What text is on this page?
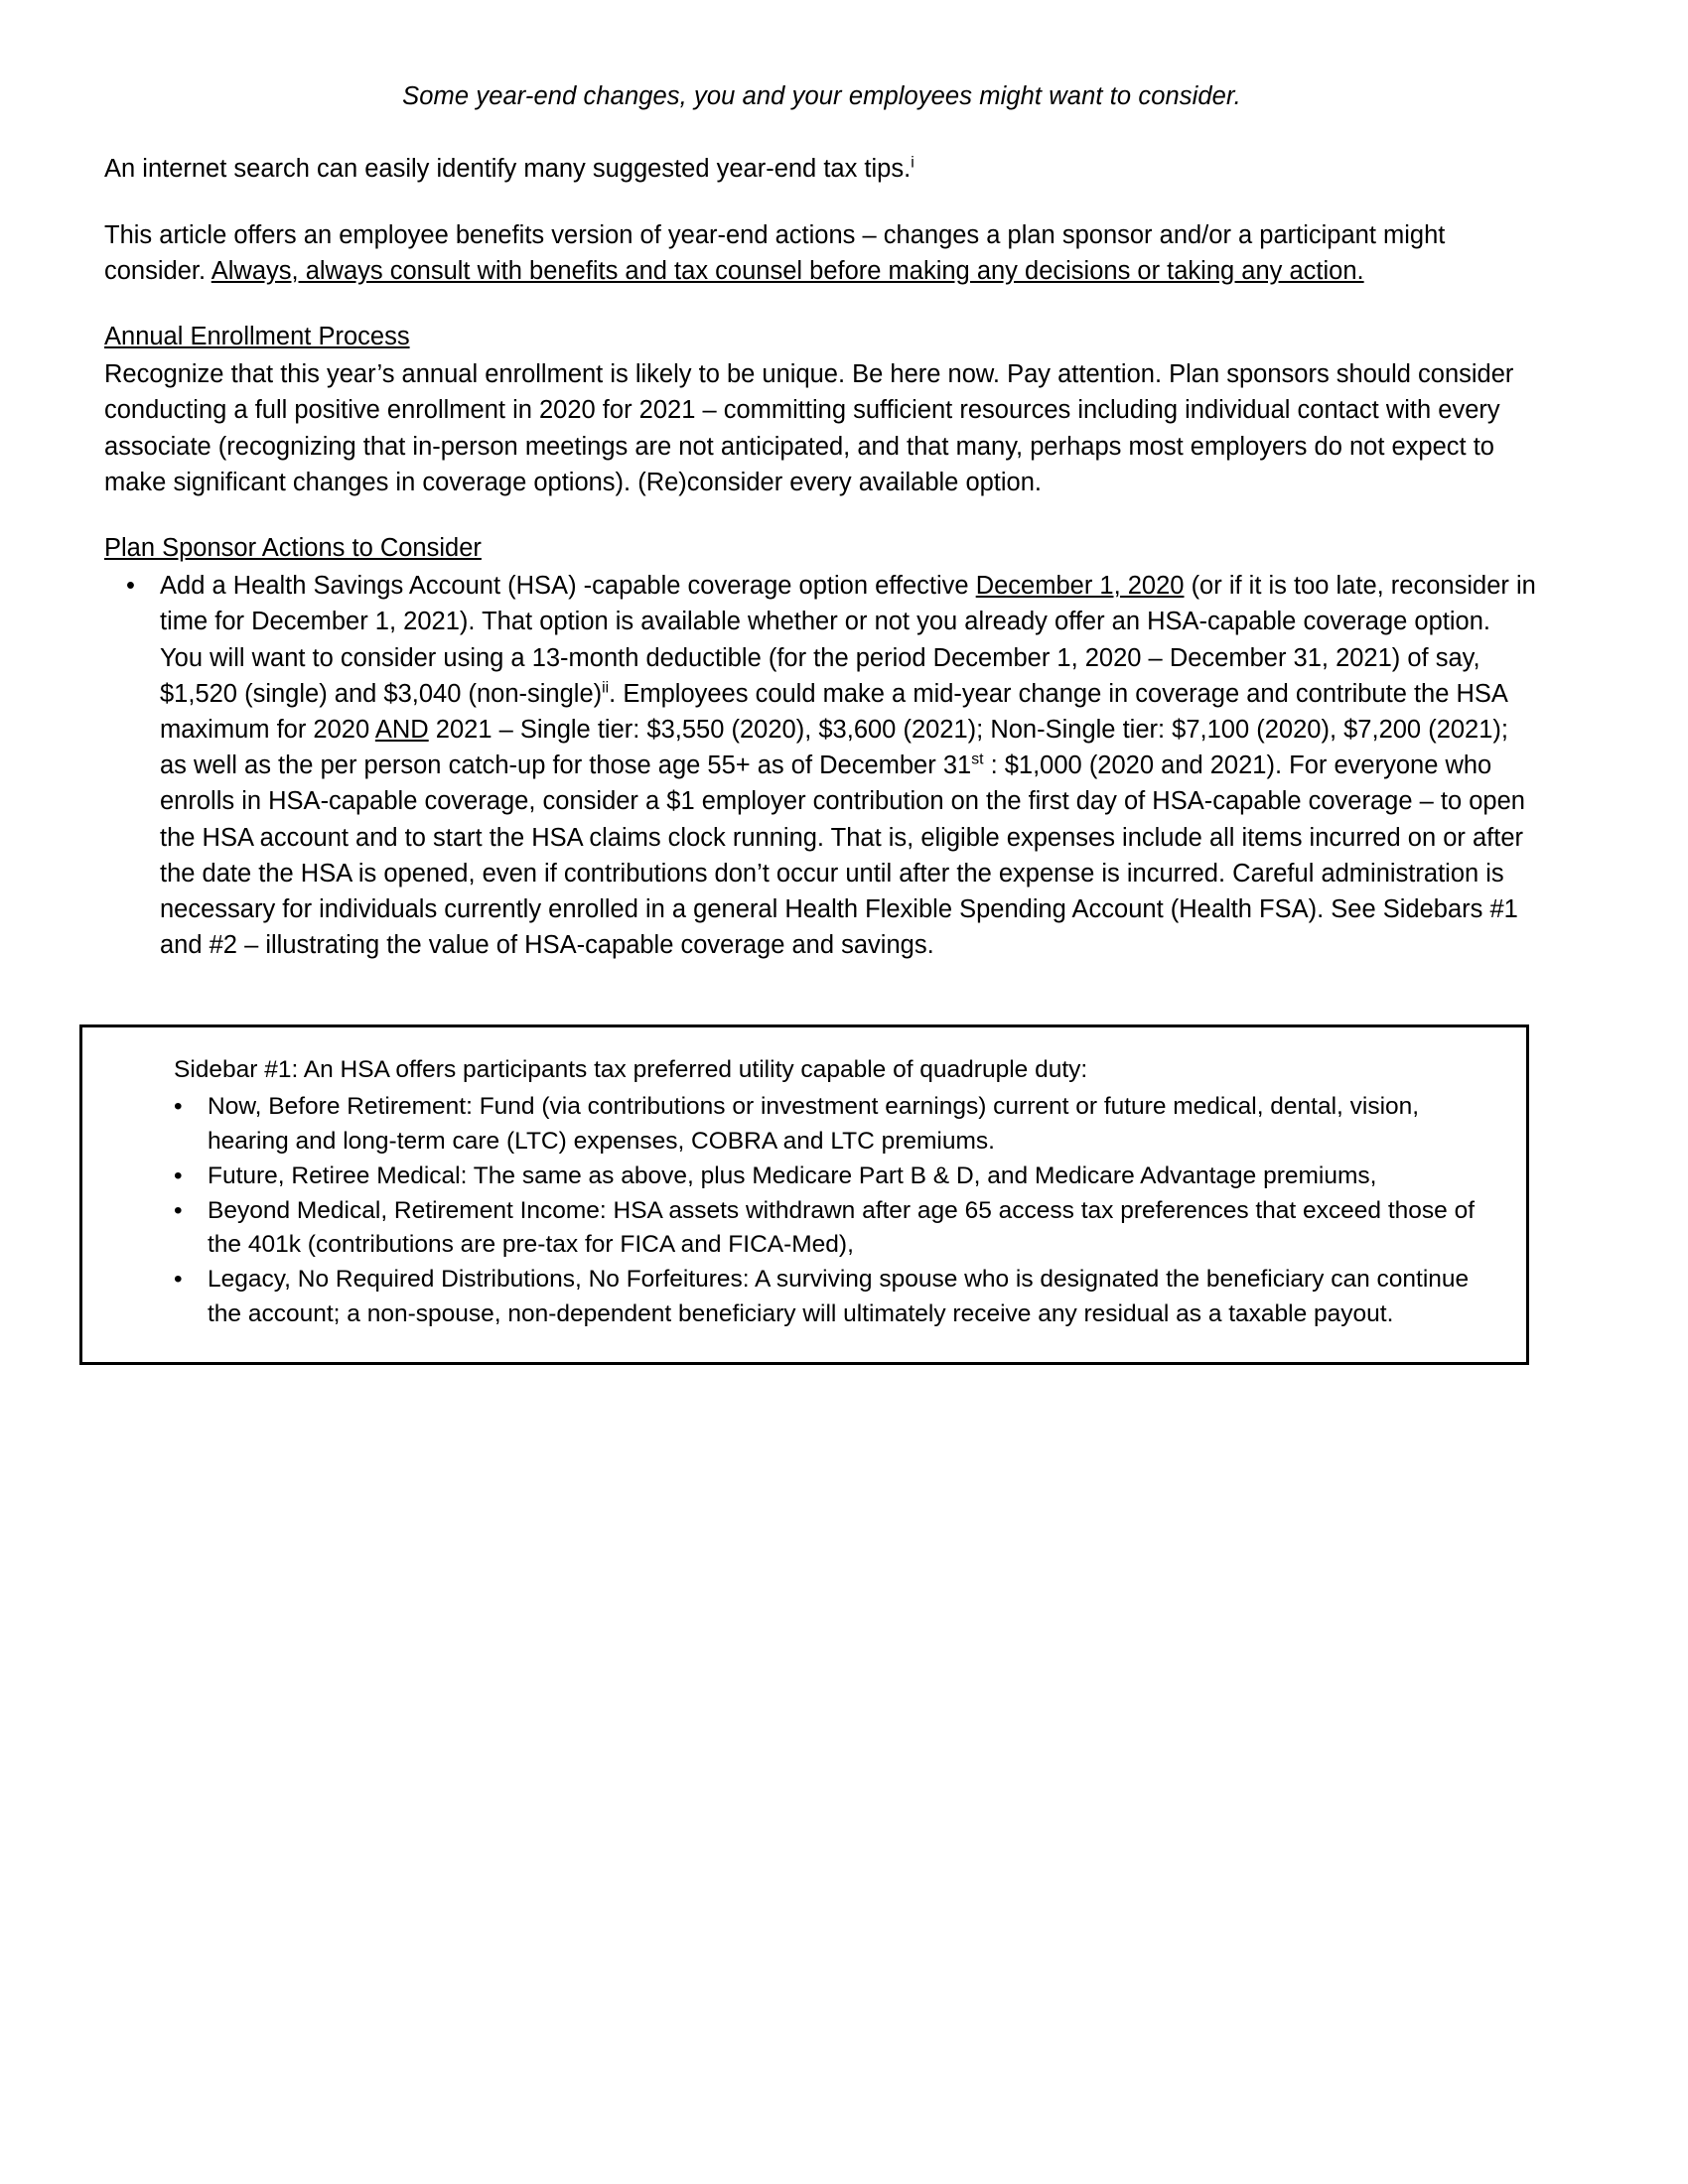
Some year-end changes, you and your employees might want to consider.

An internet search can easily identify many suggested year-end tax tips.$^i$

This article offers an employee benefits version of year-end actions – changes a plan sponsor and/or a participant might consider. Always, always consult with benefits and tax counsel before making any decisions or taking any action.

Annual Enrollment Process

Recognize that this year’s annual enrollment is likely to be unique. Be here now. Pay attention. Plan sponsors should consider conducting a full positive enrollment in 2020 for 2021 – committing sufficient resources including individual contact with every associate (recognizing that in-person meetings are not anticipated, and that many, perhaps most employers do not expect to make significant changes in coverage options). (Re)consider every available option.

Plan Sponsor Actions to Consider
• Add a Health Savings Account (HSA) -capable coverage option effective December 1, 2020 (or if it is too late, reconsider in time for December 1, 2021). That option is available whether or not you already offer an HSA-capable coverage option. You will want to consider using a 13-month deductible (for the period December 1, 2020 – December 31, 2021) of say, $1,520 (single) and $3,040 (non-single)$^{ii}$. Employees could make a mid-year change in coverage and contribute the HSA maximum for 2020 AND 2021 – Single tier: $3,550 (2020), $3,600 (2021); Non-Single tier: $7,100 (2020), $7,200 (2021); as well as the per person catch-up for those age 55+ as of December 31st : $1,000 (2020 and 2021). For everyone who enrolls in HSA-capable coverage, consider a $1 employer contribution on the first day of HSA-capable coverage – to open the HSA account and to start the HSA claims clock running. That is, eligible expenses include all items incurred on or after the date the HSA is opened, even if contributions don’t occur until after the expense is incurred. Careful administration is necessary for individuals currently enrolled in a general Health Flexible Spending Account (Health FSA). See Sidebars #1 and #2 – illustrating the value of HSA-capable coverage and savings.
Sidebar #1: An HSA offers participants tax preferred utility capable of quadruple duty:
• Now, Before Retirement: Fund (via contributions or investment earnings) current or future medical, dental, vision, hearing and long-term care (LTC) expenses, COBRA and LTC premiums.
• Future, Retiree Medical: The same as above, plus Medicare Part B & D, and Medicare Advantage premiums,
• Beyond Medical, Retirement Income: HSA assets withdrawn after age 65 access tax preferences that exceed those of the 401k (contributions are pre-tax for FICA and FICA-Med),
• Legacy, No Required Distributions, No Forfeitures: A surviving spouse who is designated the beneficiary can continue the account; a non-spouse, non-dependent beneficiary will ultimately receive any residual as a taxable payout.
